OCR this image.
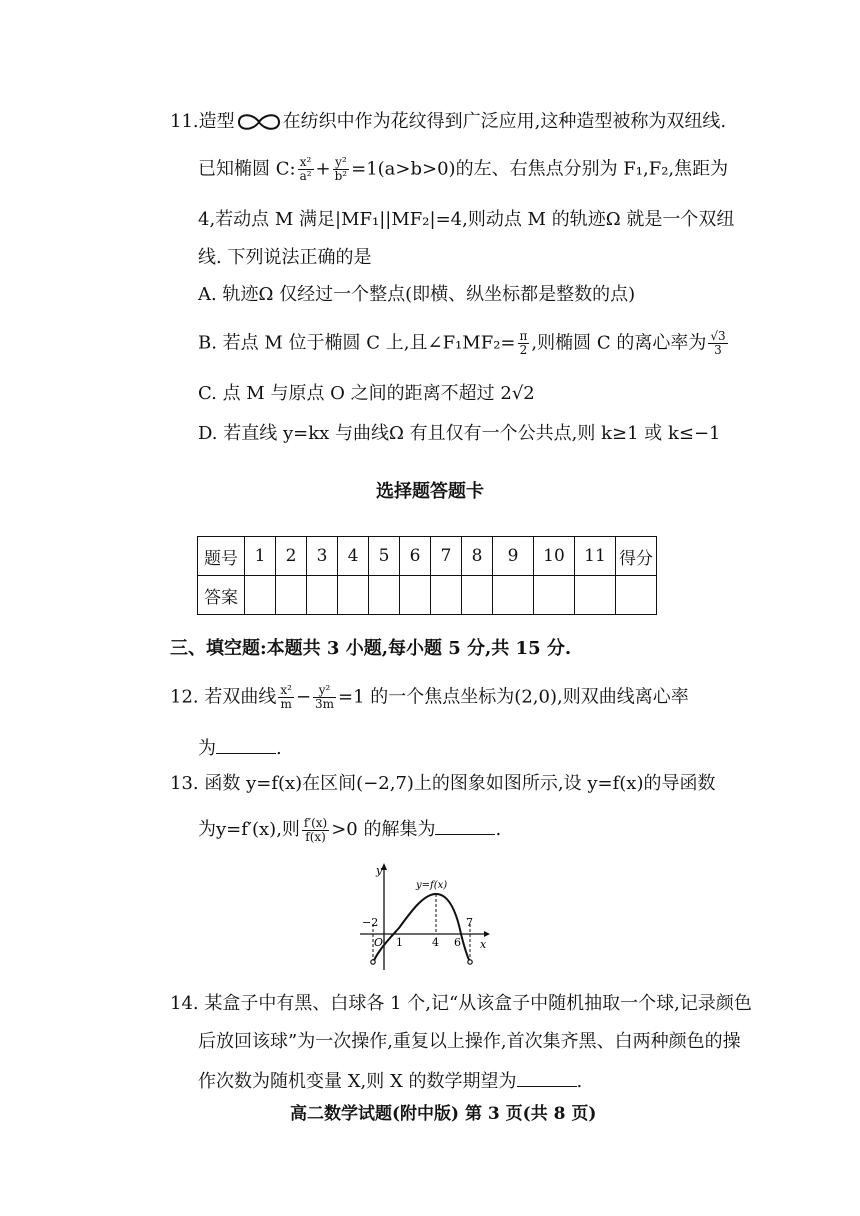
11.造型	在纺织中作为花纹得到广泛应用,这种造型被称为双纽线.
已知椭圆 C: $\frac{\text{x²}}{\text{a²}} + \frac{\text{y²}}{\text{b²}} =1(a>b>0)$的左、右焦点分别为 F₁,F₂,焦距为
4,若动点 M 满足|MF₁||MF₂|=4,则动点 M 的轨迹Ω 就是一个双纽
线. 下列说法正确的是
A. 轨迹Ω 仅经过一个整点(即横、纵坐标都是整数的点)
B. 若点 M 位于椭圆 C 上,且∠F₁MF₂= $\frac{\pi}{2}$ ,则椭圆 C 的离心率为 $\frac{√3}{3}$
C. 点 M 与原点 O 之间的距离不超过 2√2
D. 若直线 y=kx 与曲线Ω 有且仅有一个公共点,则 k≥1 或 k≤−1
选择题答题卡
题号	1	2	3	4	5	6	7	8	9	10	11	得分
答案												
三、填空题:本题共 3 小题,每小题 5 分,共 15 分.
12. 若双曲线 $\frac{\text{x²}}{m} - \frac{\text{y²}}{3m} =1$ 的一个焦点坐标为(2,0),则双曲线离心率
为	.
13. 函数 y=f(x)在区间(−2,7)上的图象如图所示,设 y=f(x)的导函数
为y=f′(x),则 $\frac{f'(x)}{f(x)} >0$ 的解集为	.
y
x
y=f(x)
−2
O 1	4 6
7
14. 某盒子中有黑、白球各 1 个,记“从该盒子中随机抽取一个球,记录颜色
后放回该球”为一次操作,重复以上操作,首次集齐黑、白两种颜色的操
作次数为随机变量 X,则 X 的数学期望为	.
高二数学试题(附中版) 第 3 页(共 8 页)
